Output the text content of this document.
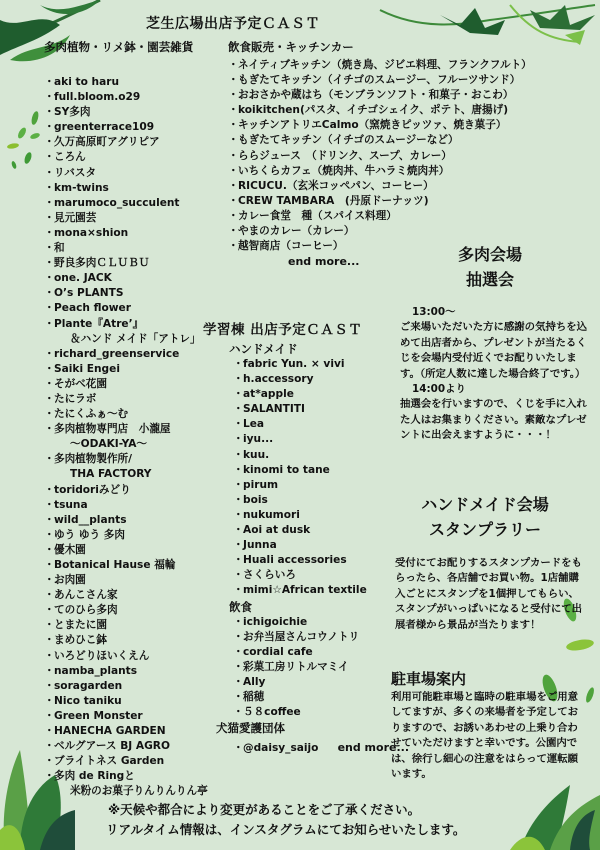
芝生広場出店予定ＣＡＳＴ
多肉植物・リメ鉢・園芸雑貨
・aki to haru
・full.bloom.o29
・SY多肉
・greenterrace109
・久万高原町アグリピア
・ころん
・リバスタ
・km-twins
・marumoco_succulent
・見元園芸
・mona×shion
・和
・野良多肉ＣＬＵＢＵ
・one. JACK
・O’s PLANTS
・Peach flower
・Plante『Atre’』
＆ハンド メイド「アトレ」
・richard_greenservice
・Saiki Engei
・そがべ花園
・たにラボ
・たにくふぁ〜む
・多肉植物専門店　小瀧屋
〜ODAKI-YA〜
・多肉植物製作所/
THA FACTORY
・toridoriみどり
・tsuna
・wild__plants
・ゆう ゆう 多肉
・優木園
・Botanical Hause 福輪
・お肉園
・あんこさん家
・てのひら多肉
・とまたに園
・まめひこ鉢
・いろどりほいくえん
・namba_plants
・soragarden
・Nico taniku
・Green Monster
・HANECHA GARDEN
・ベルグアース BJ AGRO
・ブライトネス Garden
・多肉 de Ringと
米粉のお菓子りんりんりん亭
飲食販売・キッチンカー
・ネイティブキッチン（焼き鳥、ジビエ料理、フランクフルト）
・もぎたてキッチン（イチゴのスムージー、フルーツサンド）
・おおさかや蔵はち（モンブランソフト・和菓子・おこわ）
・koikitchen(パスタ、イチゴシェイク、ポテト、唐揚げ)
・キッチンアトリエCalmo（窯焼きピッツァ、焼き菓子）
・もぎたてキッチン（イチゴのスムージーなど）
・ららジュース　（ドリンク、スープ、カレー）
・いちくらカフェ（焼肉丼、牛ハラミ焼肉丼）
・RICUCU.（玄米コッペパン、コーヒー）
・CREW TAMBARA　(丹原ドーナッツ)
・カレー食堂　種（スパイス料理）
・やまのカレー（カレー）
・越智商店（コーヒー）
end more...
学習棟 出店予定ＣＡＳＴ
ハンドメイド
・fabric Yun. × vivi
・h.accessory
・at*apple
・SALANTITI
・Lea
・iyu...
・kuu.
・kinomi to tane
・pirum
・bois
・nukumori
・Aoi at dusk
・Junna
・Huali accessories
・さくらいろ
・mimi☆African textile
飲食
・ichigoichie
・お弁当屋さんコウノトリ
・cordial cafe
・彩菓工房リトルマミイ
・Ally
・稲穂
・５８coffee
犬猫愛護団体
・@daisy_saijo end more...
多肉会場
抽選会
13:00〜
ご来場いただいた方に感謝の気持ちを込めて出店者から、プレゼントが当たるくじを会場内受付近くでお配りいたします。（所定人数に達した場合終了です。）
14:00より
抽選会を行いますので、くじを手に入れた人はお集まりください。素敵なプレゼントに出会えますように・・・！
ハンドメイド会場
スタンプラリー
受付にてお配りするスタンプカードをもらったら、各店舗でお買い物。1店舗購入ごとにスタンプを1個押してもらい、スタンプがいっぱいになると受付にて出展者様から景品が当たります！
駐車場案内
利用可能駐車場と臨時の駐車場をご用意してますが、多くの来場者を予定しておりますので、お誘いあわせの上乗り合わせていただけますと幸いです。公園内では、徐行し細心の注意をはらって運転願います。
※天候や都合により変更があることをご了承ください。
リアルタイム情報は、インスタグラムにてお知らせいたします。
